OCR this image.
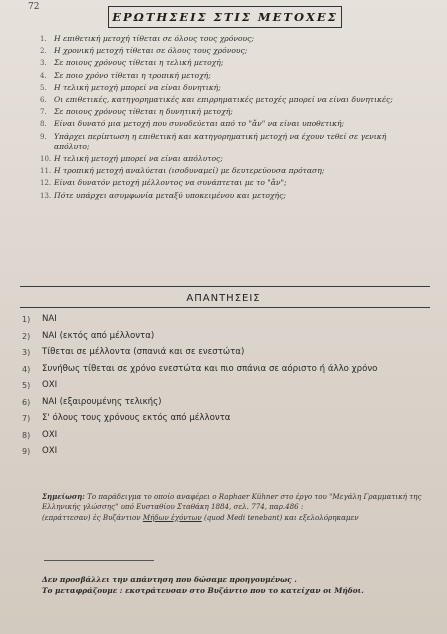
72
ΕΡΩΤΗΣΕΙΣ ΣΤΙΣ ΜΕΤΟΧΕΣ
1. Η επιθετική μετοχή τίθεται σε όλους τους χρόνους;
2. Η χρονική μετοχή τίθεται σε όλους τους χρόνους;
3. Σε ποιους χρόνους τίθεται η τελική μετοχή;
4. Σε ποιο χρόνο τίθεται η τροπική μετοχή;
5. Η τελική μετοχή μπορεί να είναι δυνητική;
6. Οι επιθετικές, κατηγορηματικές και επιρρηματικές μετοχές μπορεί να είναι δυνητικές;
7. Σε ποιους χρόνους τίθεται η δυνητική μετοχή;
8. Είναι δυνατό μια μετοχή που συνοδεύεται από το "ἄν" να είναι υποθετική;
9. Υπάρχει περίπτωση η επιθετική και κατηγορηματική μετοχή να έχουν τεθεί σε γενική απόλυτο;
10. Η τελική μετοχή μπορεί να είναι απόλυτος;
11. Η τροπική μετοχή αναλύεται (ισοδυναμεί) με δευτερεύουσα πρόταση;
12. Είναι δυνατόν μετοχή μέλλοντος να συνάπτεται με το "ἄν";
13. Πότε υπάρχει ασυμφωνία μεταξύ υποκειμένου και μετοχής;
ΑΠΑΝΤΗΣΕΙΣ
1)	ΝΑΙ
2)	ΝΑΙ (εκτός από μέλλοντα)
3)	Τίθεται σε μέλλοντα (σπανιά και σε ενεστώτα)
4)	Συνήθως τίθεται σε χρόνο ενεστώτα και πιο σπάνια σε αόριστο ή άλλο χρόνο
5)	ΟΧΙ
6)	ΝΑΙ (εξαιρουμένης τελικής)
7)	Σ' όλους τους χρόνους εκτός από μέλλοντα
8)	ΟΧΙ
9)	ΟΧΙ
Σημείωση: Το παράδειγμα το οποίο αναφέρει ο Raphaer Kühner στο έργο του "Μεγάλη Γραμματική της Ελληνικής γλώσσης" υπό Ευσταθίου Σταθάκη 1884, σελ. 774, παρ.486 :
(επράττεσαν) ἐς Βυζάντιον Μήδων ἐχόντων (quod Medi tenebant) και εξελολόρηκαμεν
Δεν προσβάλλει την απάντηση που δώσαμε προηγουμένως .
Το μεταφράζουμε : εκστράτευσαν στο Βυζάντιο που το κατείχαν οι Μήδοι.
